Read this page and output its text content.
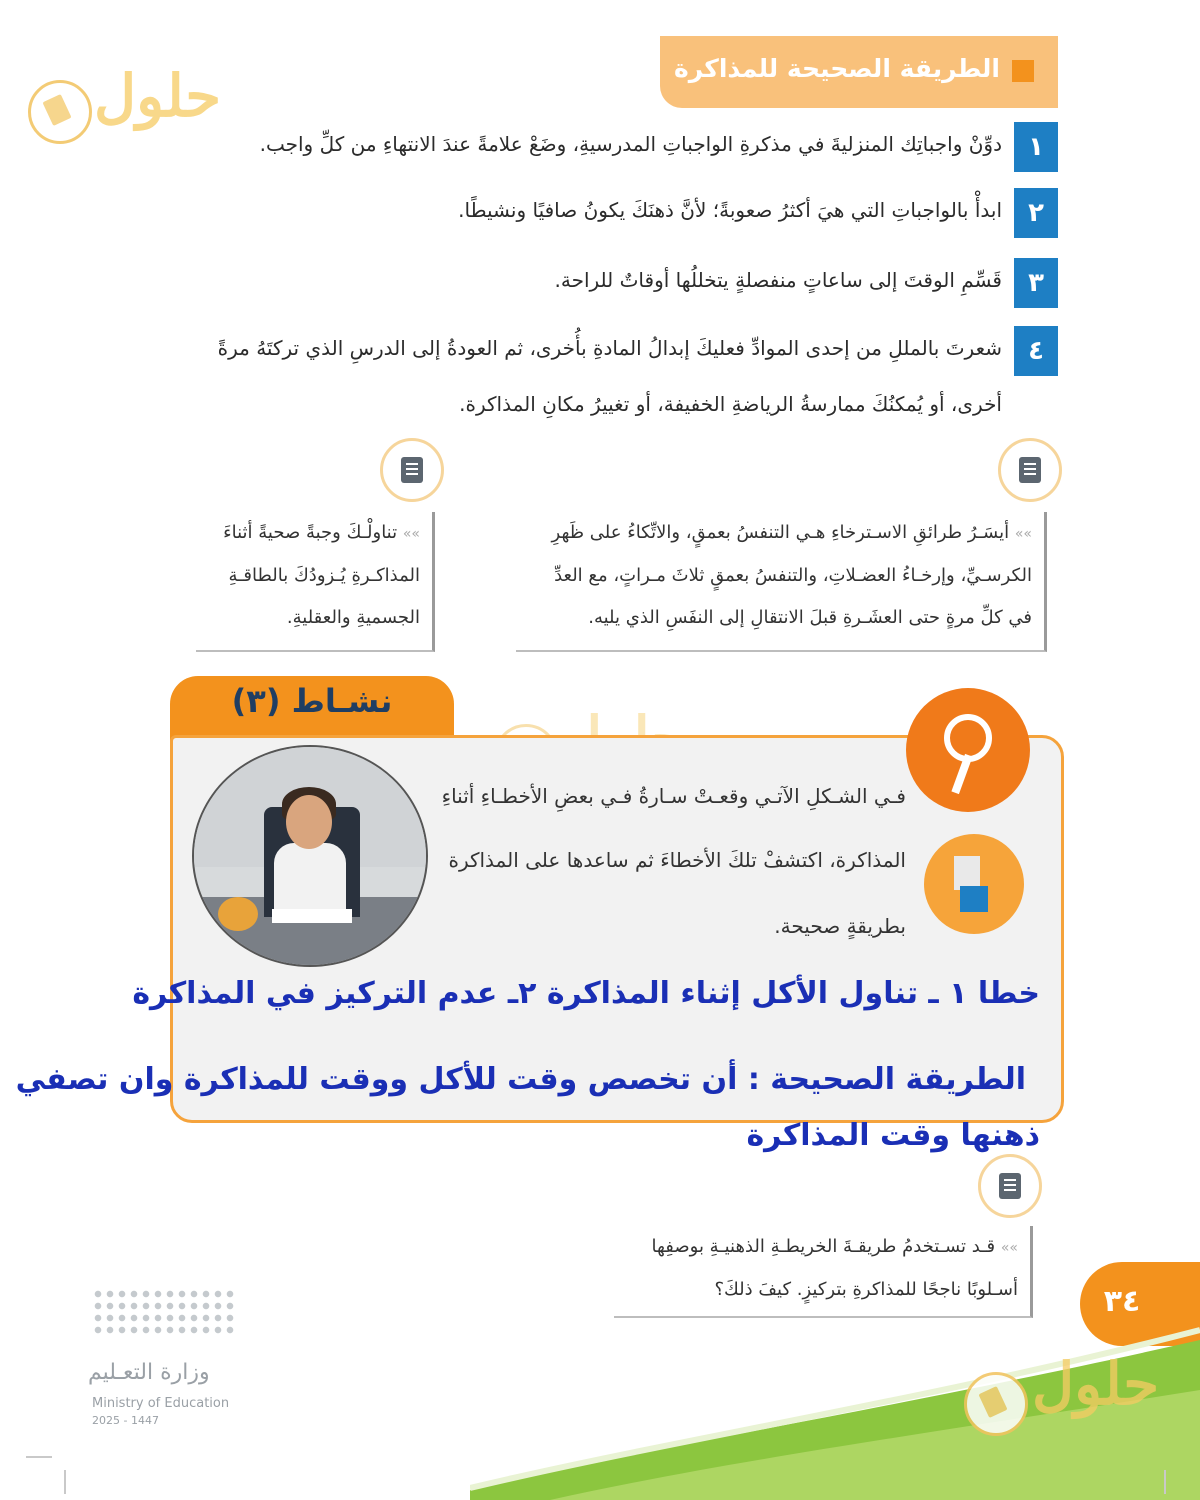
حلول	الطريقة الصحيحة للمذاكرة
١
دوِّنْ واجباتِك المنزليةَ في مذكرةِ الواجباتِ المدرسيةِ، وضَعْ علامةً عندَ الانتهاءِ من كلِّ واجب.
٢
ابدأْ بالواجباتِ التي هيَ أكثرُ صعوبةً؛ لأنَّ ذهنَكَ يكونُ صافيًا ونشيطًا.
٣
قَسِّمِ الوقتَ إلى ساعاتٍ منفصلةٍ يتخللُها أوقاتٌ للراحة.
٤
شعرتَ بالمللِ من إحدى الموادِّ فعليكَ إبدالُ المادةِ بأُخرى، ثم العودةُ إلى الدرسِ الذي تركتَهُ مرةً
أخرى، أو يُمكنُكَ ممارسةُ الرياضةِ الخفيفة، أو تغييرُ مكانِ المذاكرة.
»» أيسَـرُ طرائقِ الاسـترخاءِ هـي التنفسُ بعمقٍ، والاتِّكاءُ على ظَهرِ
الكرسـيِّ، وإرخـاءُ العضـلاتِ، والتنفسُ بعمقٍ ثلاثَ مـراتٍ، مع العدِّ
في كلِّ مرةٍ حتى العشَـرةِ قبلَ الانتقالِ إلى النفَسِ الذي يليه.
»» تناولْـكَ وجبةً صحيةً أثناءَ
المذاكـرةِ يُـزودُكَ بالطاقـةِ
الجسميةِ والعقليةِ.
نشـاط (٣)
فـي الشـكلِ الآتـي وقعـتْ سـارةُ فـي بعضِ الأخطـاءِ أثناءِ
المذاكرة، اكتشفْ تلكَ الأخطاءَ ثم ساعدها على المذاكرة
بطريقةٍ صحيحة.
خطا ١ ـ تناول الأكل إثناء المذاكرة ٢ـ عدم التركيز في المذاكرة
الطريقة الصحيحة : أن تخصص وقت للأكل ووقت للمذاكرة وان تصفي
ذهنها وقت المذاكرة
»» قـد تسـتخدمُ طريقـةَ الخريطـةِ الذهنيـةِ بوصفِها
أسـلوبًا ناجحًا للمذاكرةِ بتركيزٍ. كيفَ ذلكَ؟	٣٤
حلول
وزارة التعـليم
Ministry of Education
2025 - 1447
